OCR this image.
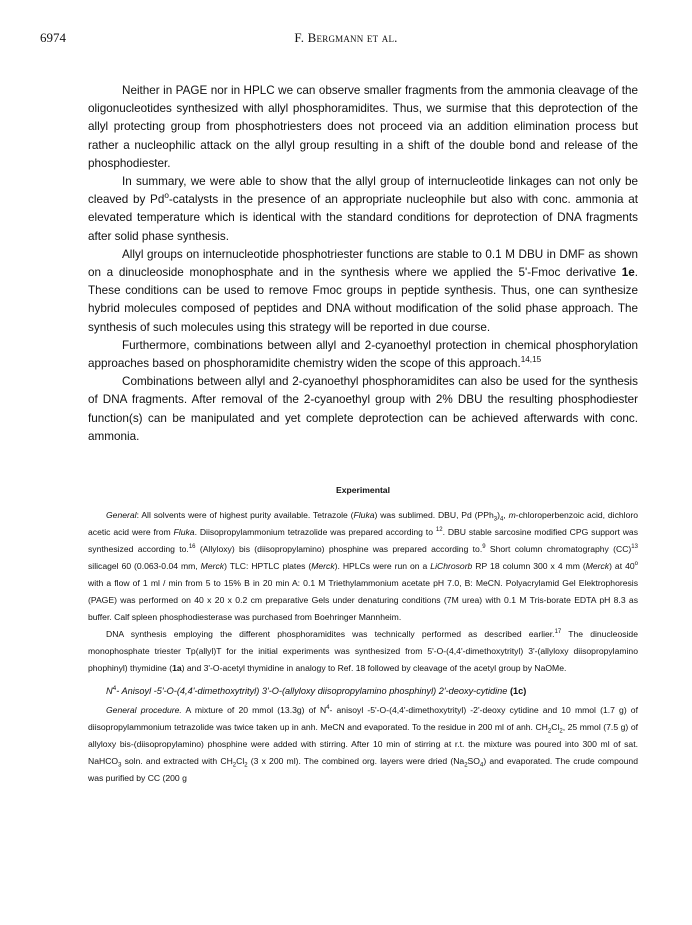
6974	F. Bergmann et al.

Neither in PAGE nor in HPLC we can observe smaller fragments from the ammonia cleavage of the oligonucleotides synthesized with allyl phosphoramidites. Thus, we surmise that this deprotection of the allyl protecting group from phosphotriesters does not proceed via an addition elimination process but rather a nucleophilic attack on the allyl group resulting in a shift of the double bond and release of the phosphodiester.

In summary, we were able to show that the allyl group of internucleotide linkages can not only be cleaved by Pd$^o$-catalysts in the presence of an appropriate nucleophile but also with conc. ammonia at elevated temperature which is identical with the standard conditions for deprotection of DNA fragments after solid phase synthesis.

Allyl groups on internucleotide phosphotriester functions are stable to 0.1 M DBU in DMF as shown on a dinucleoside monophosphate and in the synthesis where we applied the 5'-Fmoc derivative 1e. These conditions can be used to remove Fmoc groups in peptide synthesis. Thus, one can synthesize hybrid molecules composed of peptides and DNA without modification of the solid phase approach. The synthesis of such molecules using this strategy will be reported in due course.

Furthermore, combinations between allyl and 2-cyanoethyl protection in chemical phosphorylation approaches based on phosphoramidite chemistry widen the scope of this approach.$^{14,15}$

Combinations between allyl and 2-cyanoethyl phosphoramidites can also be used for the synthesis of DNA fragments. After removal of the 2-cyanoethyl group with 2% DBU the resulting phosphodiester function(s) can be manipulated and yet complete deprotection can be achieved afterwards with conc. ammonia.

Experimental

General: All solvents were of highest purity available. Tetrazole (Fluka) was sublimed. DBU, Pd $(PPh_3)_4$, m-chloroperbenzoic acid, dichloro acetic acid were from Fluka. Diisopropylammonium tetrazolide was prepared according to $^{12}$. DBU stable sarcosine modified CPG support was synthesized according to.$^{16}$ (Allyloxy) bis (diisopropylamino) phosphine was prepared according to.$^9$ Short column chromatography (CC)$^{13}$ silicagel 60 (0.063-0.04 mm, Merck) TLC: HPTLC plates (Merck). HPLCs were run on a LiChrosorb RP 18 column 300 x 4 mm (Merck) at 40$^o$ with a flow of 1 ml / min from 5 to 15% B in 20 min A: 0.1 M Triethylammonium acetate pH 7.0, B: MeCN. Polyacrylamid Gel Elektrophoresis (PAGE) was performed on 40 x 20 x 0.2 cm preparative Gels under denaturing conditions (7M urea) with 0.1 M Tris-borate EDTA pH 8.3 as buffer. Calf spleen phosphodiesterase was purchased from Boehringer Mannheim.

DNA synthesis employing the different phosphoramidites was technically performed as described earlier.$^{17}$ The dinucleoside monophosphate triester Tp(allyl)T for the initial experiments was synthesized from 5'-O-(4,4'-dimethoxytrityl) 3'-(allyloxy diisopropylamino phophinyl) thymidine (1a) and 3'-O-acetyl thymidine in analogy to Ref. 18 followed by cleavage of the acetyl group by NaOMe.

$N^4-$ Anisoyl -5'-O-(4,4'-dimethoxytrityl) 3'-O-(allyloxy diisopropylamino phosphinyl) 2'-deoxy-cytidine (1c)

General procedure. A mixture of 20 mmol (13.3g) of $N^4-$ anisoyl -5'-O-(4,4'-dimethoxytrityl) -2'-deoxy cytidine and 10 mmol (1.7 g) of diisopropylammonium tetrazolide was twice taken up in anh. MeCN and evaporated. To the residue in 200 ml of anh. $CH_2Cl_2$, 25 mmol (7.5 g) of allyloxy bis-(diisopropylamino) phosphine were added with stirring. After 10 min of stirring at r.t. the mixture was poured into 300 ml of sat. NaHCO$_3$ soln. and extracted with $CH_2Cl_2$ (3 x 200 ml). The combined org. layers were dried $(Na_2SO_4)$ and evaporated. The crude compound was purified by CC (200 g
